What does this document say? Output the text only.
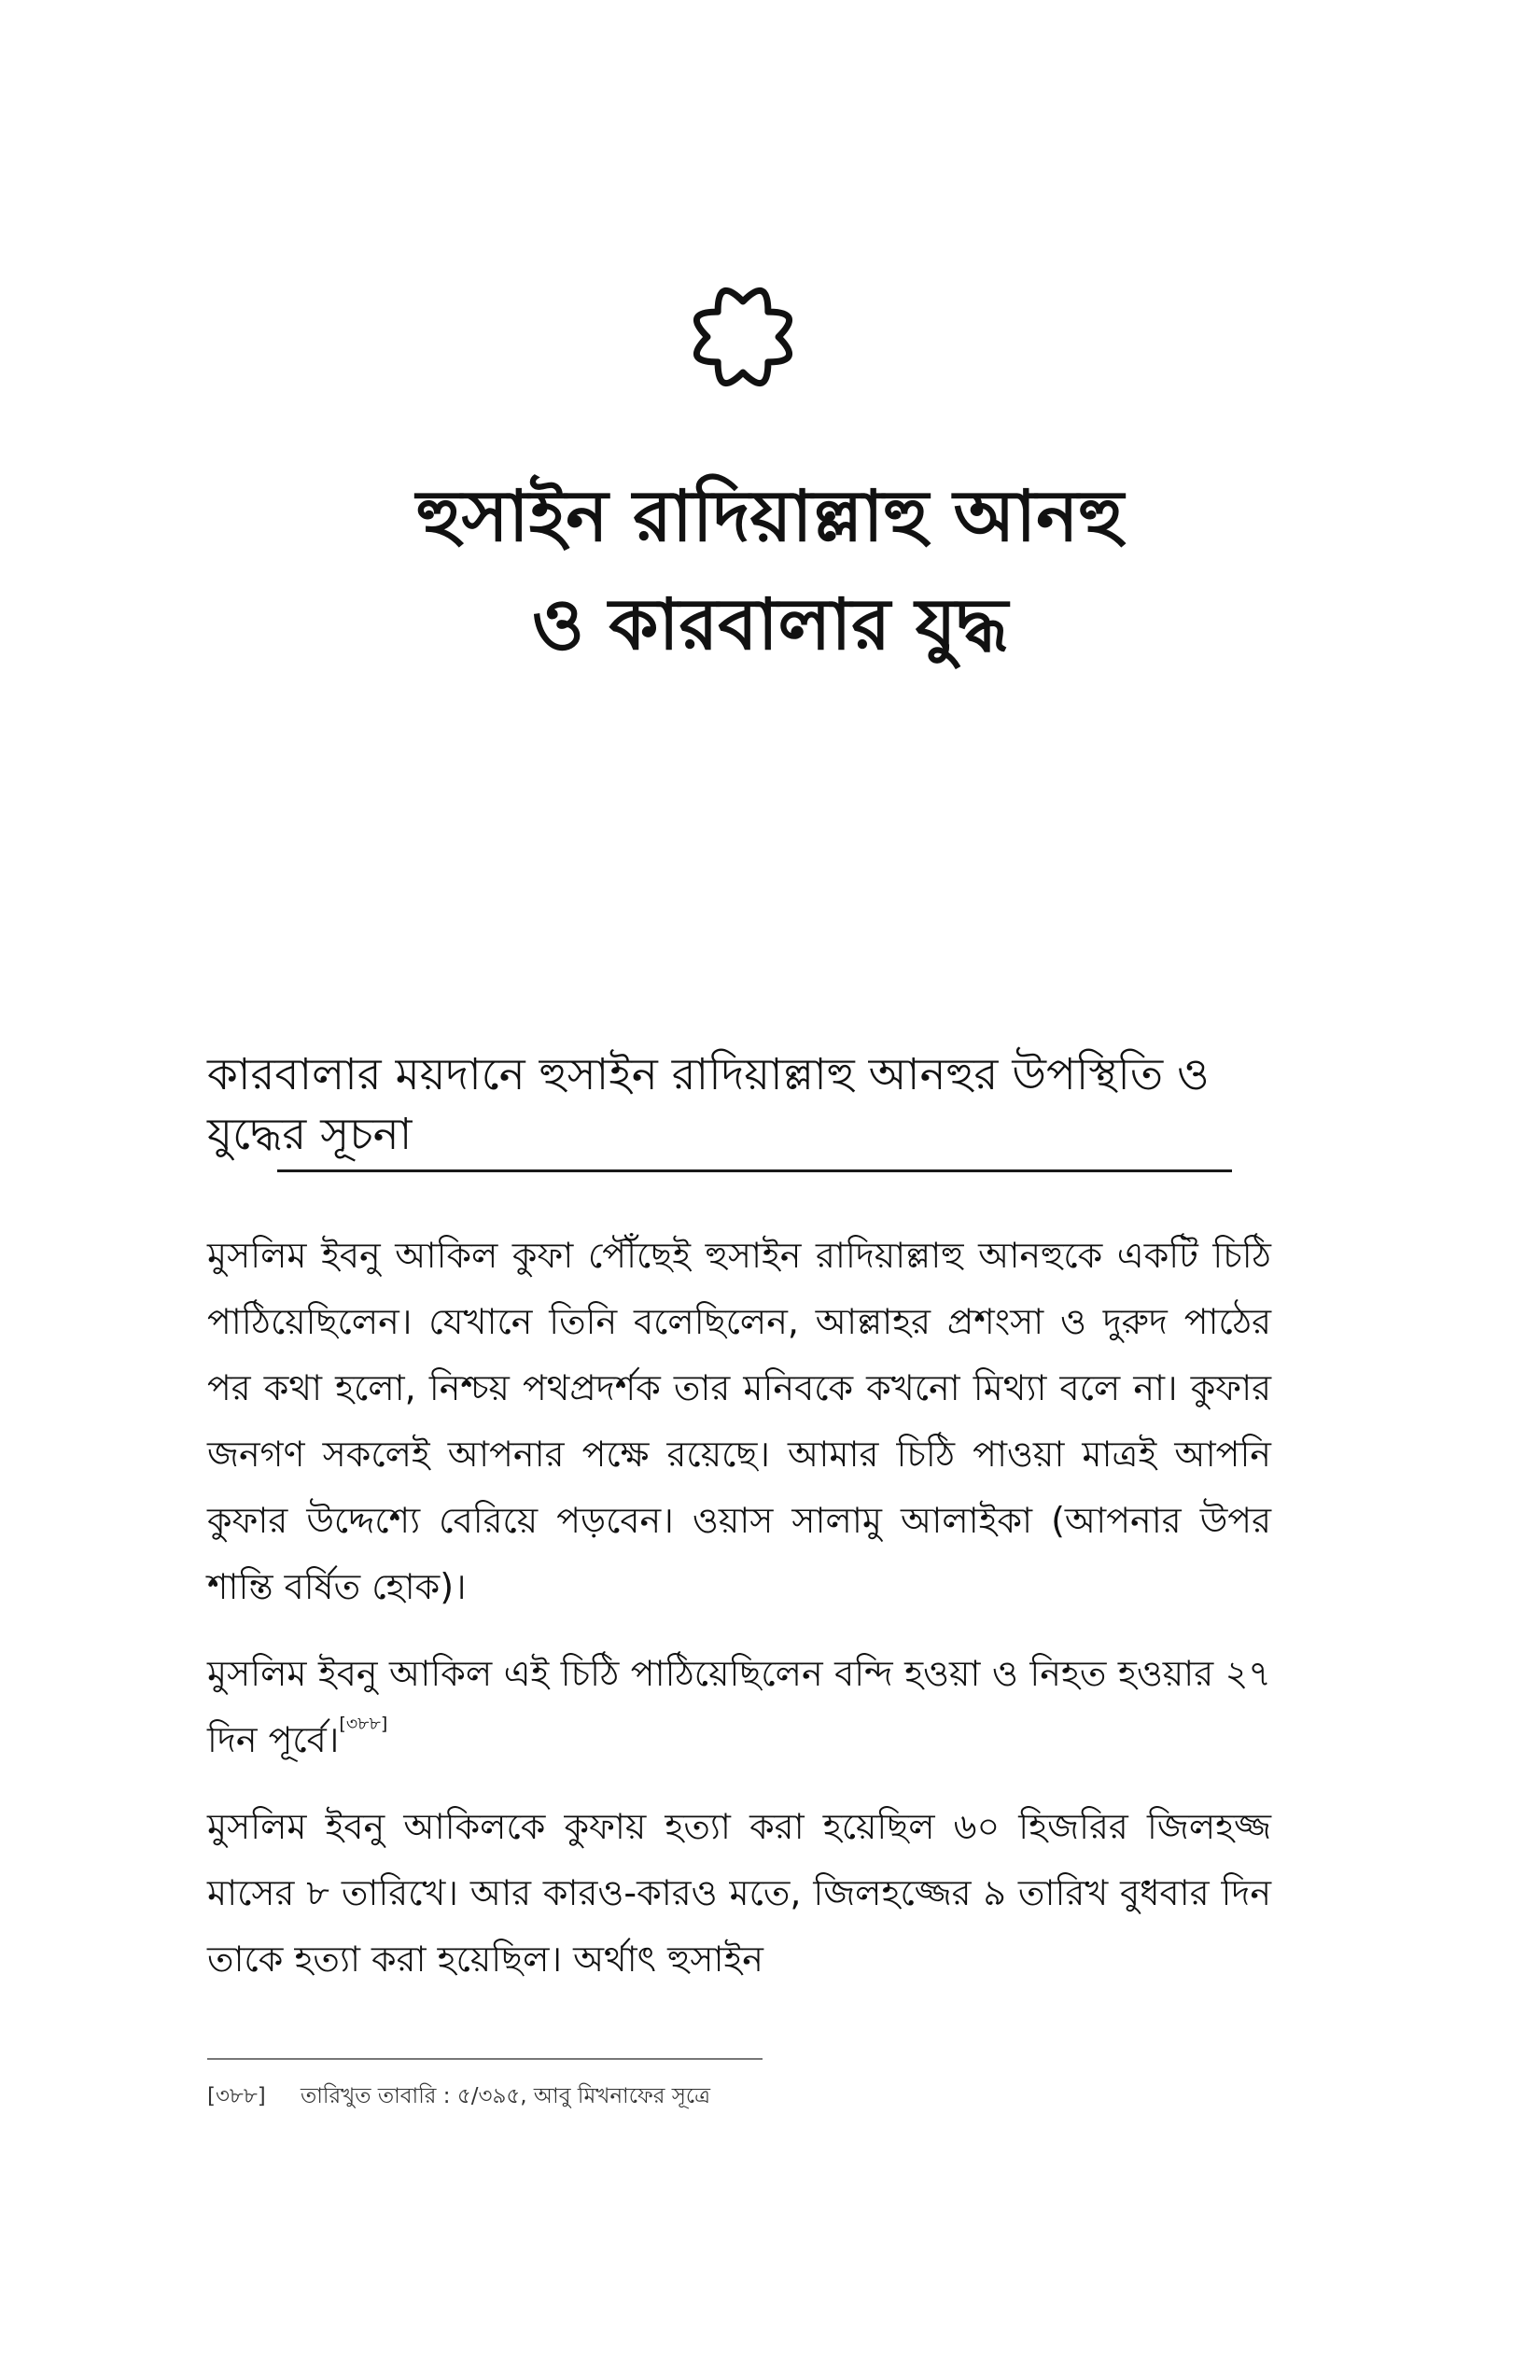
হুসাইন রাদিয়াল্লাহু আনহু
ও কারবালার যুদ্ধ
কারবালার ময়দানে হুসাইন রাদিয়াল্লাহু আনহুর উপস্থিতি ও যুদ্ধের সূচনা

মুসলিম ইবনু আকিল কুফা পৌঁছেই হুসাইন রাদিয়াল্লাহু আনহুকে একটি চিঠি পাঠিয়েছিলেন। যেখানে তিনি বলেছিলেন, আল্লাহর প্রশংসা ও দুরুদ পাঠের পর কথা হলো, নিশ্চয় পথপ্রদর্শক তার মনিবকে কখনো মিথ্যা বলে না। কুফার জনগণ সকলেই আপনার পক্ষে রয়েছে। আমার চিঠি পাওয়া মাত্রই আপনি কুফার উদ্দেশ্যে বেরিয়ে পড়বেন। ওয়াস সালামু আলাইকা (আপনার উপর শান্তি বর্ষিত হোক)।

মুসলিম ইবনু আকিল এই চিঠি পাঠিয়েছিলেন বন্দি হওয়া ও নিহত হওয়ার ২৭ দিন পূর্বে।[৩৮৮]

মুসলিম ইবনু আকিলকে কুফায় হত্যা করা হয়েছিল ৬০ হিজরির জিলহজ্জ মাসের ৮ তারিখে। আর কারও-কারও মতে, জিলহজ্জের ৯ তারিখ বুধবার দিন তাকে হত্যা করা হয়েছিল। অর্থাৎ হুসাইন

[৩৮৮] তারিখুত তাবারি : ৫/৩৯৫, আবু মিখনাফের সূত্রে
